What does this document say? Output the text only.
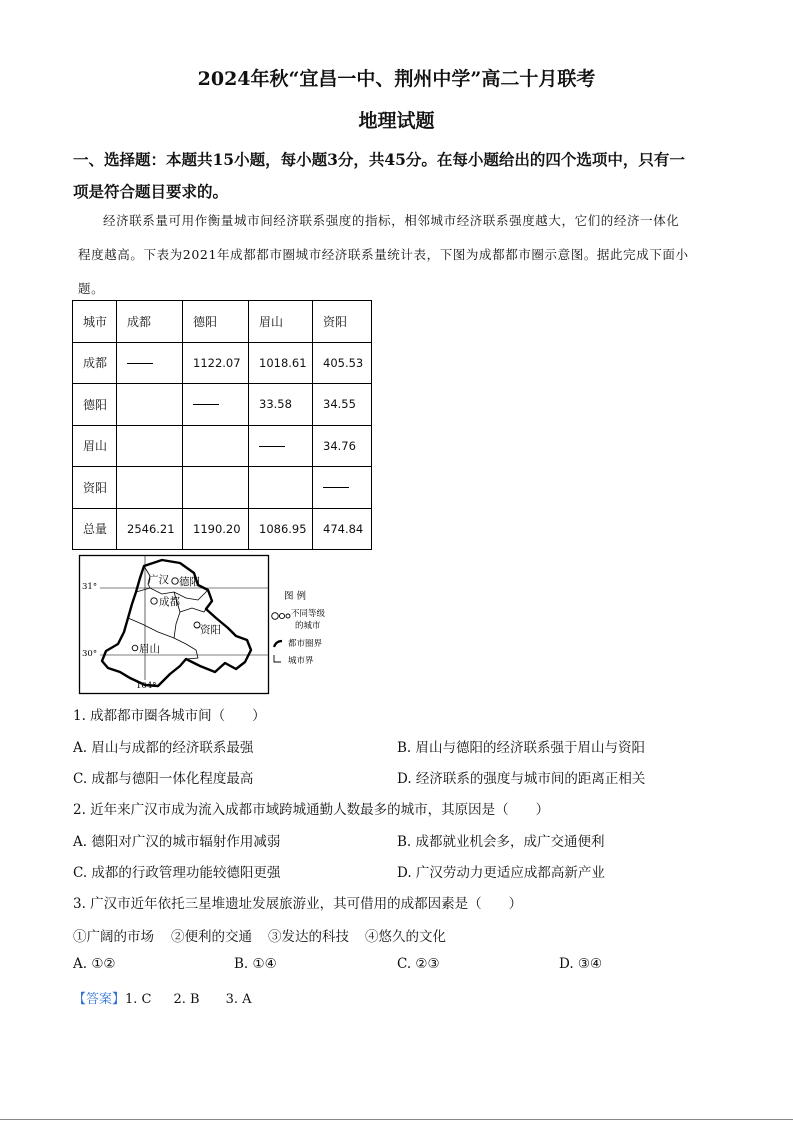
2024年秋“宜昌一中、荆州中学”高二十月联考
地理试题
一、选择题：本题共15小题，每小题3分，共45分。在每小题给出的四个选项中，只有一
项是符合题目要求的。
经济联系量可用作衡量城市间经济联系强度的指标，相邻城市经济联系强度越大，它们的经济一体化
程度越高。下表为2021年成都都市圈城市经济联系量统计表，下图为成都都市圈示意图。据此完成下面小
题。
城市	成都	德阳	眉山	资阳
成都		1122.07	1018.61	405.53
德阳			33.58	34.55
眉山				34.76
资阳				
总量	2546.21	1190.20	1086.95	474.84
31°
30°
104°
广汉 德阳
成都
资阳
眉山
图 例
不同等级
的城市
都市圈界
城市界
1. 成都都市圈各城市间（　　）
A. 眉山与成都的经济联系最强	B. 眉山与德阳的经济联系强于眉山与资阳
C. 成都与德阳一体化程度最高	D. 经济联系的强度与城市间的距离正相关
2. 近年来广汉市成为流入成都市域跨城通勤人数最多的城市，其原因是（　　）
A. 德阳对广汉的城市辐射作用减弱	B. 成都就业机会多，成广交通便利
C. 成都的行政管理功能较德阳更强	D. 广汉劳动力更适应成都高新产业
3. 广汉市近年依托三星堆遗址发展旅游业，其可借用的成都因素是（　　）
①广阔的市场 ②便利的交通 ③发达的科技 ④悠久的文化
A. ①②	B. ①④	C. ②③	D. ③④
【答案】1. C 2. B 3. A
